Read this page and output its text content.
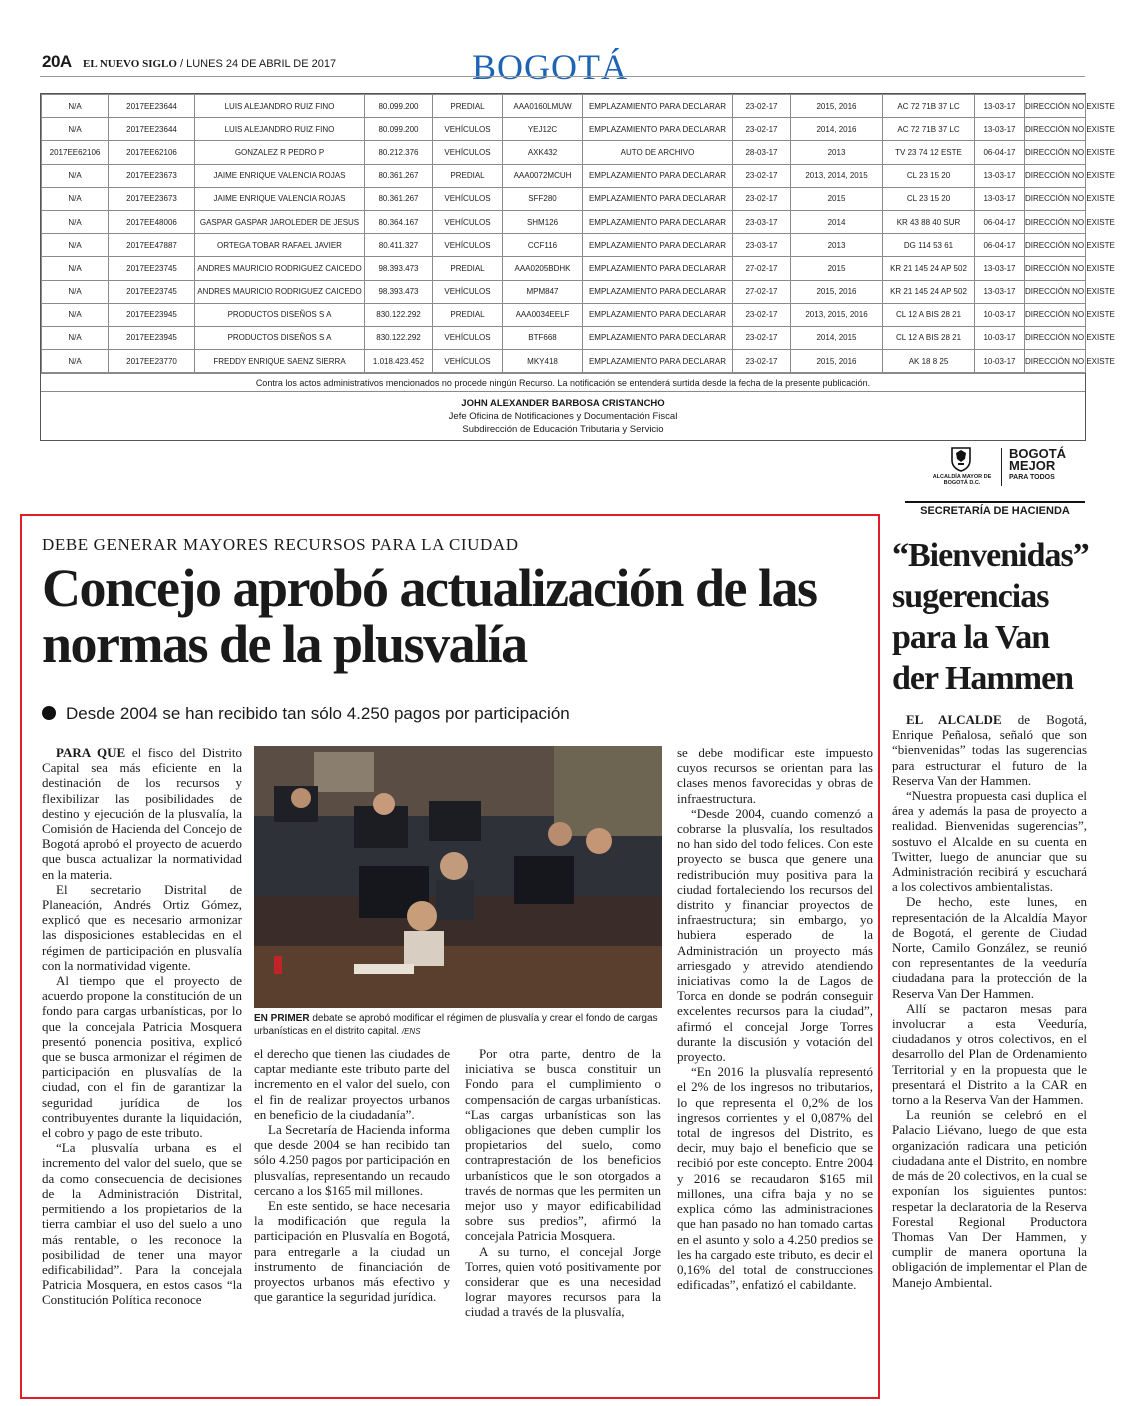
20A EL NUEVO SIGLO / LUNES 24 DE ABRIL DE 2017	BOGOTÁ
N/A	2017EE23644	LUIS ALEJANDRO RUIZ FINO	80.099.200	PREDIAL	AAA0160LMUW	EMPLAZAMIENTO PARA DECLARAR	23-02-17	2015, 2016	AC 72 71B 37 LC	13-03-17	DIRECCIÓN NO EXISTE
N/A	2017EE23644	LUIS ALEJANDRO RUIZ FINO	80.099.200	VEHÍCULOS	YEJ12C	EMPLAZAMIENTO PARA DECLARAR	23-02-17	2014, 2016	AC 72 71B 37 LC	13-03-17	DIRECCIÓN NO EXISTE
2017EE62106	2017EE62106	GONZALEZ R PEDRO P	80.212.376	VEHÍCULOS	AXK432	AUTO DE ARCHIVO	28-03-17	2013	TV 23 74 12 ESTE	06-04-17	DIRECCIÓN NO EXISTE
N/A	2017EE23673	JAIME ENRIQUE VALENCIA ROJAS	80.361.267	PREDIAL	AAA0072MCUH	EMPLAZAMIENTO PARA DECLARAR	23-02-17	2013, 2014, 2015	CL 23 15 20	13-03-17	DIRECCIÓN NO EXISTE
N/A	2017EE23673	JAIME ENRIQUE VALENCIA ROJAS	80.361.267	VEHÍCULOS	SFF280	EMPLAZAMIENTO PARA DECLARAR	23-02-17	2015	CL 23 15 20	13-03-17	DIRECCIÓN NO EXISTE
N/A	2017EE48006	GASPAR GASPAR JAROLEDER DE JESUS	80.364.167	VEHÍCULOS	SHM126	EMPLAZAMIENTO PARA DECLARAR	23-03-17	2014	KR 43 88 40 SUR	06-04-17	DIRECCIÓN NO EXISTE
N/A	2017EE47887	ORTEGA TOBAR RAFAEL JAVIER	80.411.327	VEHÍCULOS	CCF116	EMPLAZAMIENTO PARA DECLARAR	23-03-17	2013	DG 114 53 61	06-04-17	DIRECCIÓN NO EXISTE
N/A	2017EE23745	ANDRES MAURICIO RODRIGUEZ CAICEDO	98.393.473	PREDIAL	AAA0205BDHK	EMPLAZAMIENTO PARA DECLARAR	27-02-17	2015	KR 21 145 24 AP 502	13-03-17	DIRECCIÓN NO EXISTE
N/A	2017EE23745	ANDRES MAURICIO RODRIGUEZ CAICEDO	98.393.473	VEHÍCULOS	MPM847	EMPLAZAMIENTO PARA DECLARAR	27-02-17	2015, 2016	KR 21 145 24 AP 502	13-03-17	DIRECCIÓN NO EXISTE
N/A	2017EE23945	PRODUCTOS DISEÑOS S A	830.122.292	PREDIAL	AAA0034EELF	EMPLAZAMIENTO PARA DECLARAR	23-02-17	2013, 2015, 2016	CL 12 A BIS 28 21	10-03-17	DIRECCIÓN NO EXISTE
N/A	2017EE23945	PRODUCTOS DISEÑOS S A	830.122.292	VEHÍCULOS	BTF668	EMPLAZAMIENTO PARA DECLARAR	23-02-17	2014, 2015	CL 12 A BIS 28 21	10-03-17	DIRECCIÓN NO EXISTE
N/A	2017EE23770	FREDDY ENRIQUE SAENZ SIERRA	1.018.423.452	VEHÍCULOS	MKY418	EMPLAZAMIENTO PARA DECLARAR	23-02-17	2015, 2016	AK 18 8 25	10-03-17	DIRECCIÓN NO EXISTE
Contra los actos administrativos mencionados no procede ningún Recurso. La notificación se entenderá surtida desde la fecha de la presente publicación.
JOHN ALEXANDER BARBOSA CRISTANCHO
Jefe Oficina de Notificaciones y Documentación Fiscal
Subdirección de Educación Tributaria y Servicio
ALCALDÍA MAYOR DE BOGOTÁ D.C.
BOGOTÁ
MEJOR
PARA TODOS
SECRETARÍA DE HACIENDA
DEBE GENERAR MAYORES RECURSOS PARA LA CIUDAD
Concejo aprobó actualización de las normas de la plusvalía
Desde 2004 se han recibido tan sólo 4.250 pagos por participación

PARA QUE el fisco del Distrito Capital sea más eficiente en la destinación de los recursos y flexibilizar las posibilidades de destino y ejecución de la plusvalía, la Comisión de Hacienda del Concejo de Bogotá aprobó el proyecto de acuerdo que busca actualizar la normatividad en la materia.

El secretario Distrital de Planeación, Andrés Ortiz Gómez, explicó que es necesario armonizar las disposiciones establecidas en el régimen de participación en plusvalía con la normatividad vigente.

Al tiempo que el proyecto de acuerdo propone la constitución de un fondo para cargas urbanísticas, por lo que la concejala Patricia Mosquera presentó ponencia positiva, explicó que se busca armonizar el régimen de participación en plusvalías de la ciudad, con el fin de garantizar la seguridad jurídica de los contribuyentes durante la liquidación, el cobro y pago de este tributo.

“La plusvalía urbana es el incremento del valor del suelo, que se da como consecuencia de decisiones de la Administración Distrital, permitiendo a los propietarios de la tierra cambiar el uso del suelo a uno más rentable, o les reconoce la posibilidad de tener una mayor edificabilidad”. Para la concejala Patricia Mosquera, en estos casos “la Constitución Política reconoce

EN PRIMER debate se aprobó modificar el régimen de plusvalía y crear el fondo de cargas urbanísticas en el distrito capital. /ENS

el derecho que tienen las ciudades de captar mediante este tributo parte del incremento en el valor del suelo, con el fin de realizar proyectos urbanos en beneficio de la ciudadanía”.

La Secretaría de Hacienda informa que desde 2004 se han recibido tan sólo 4.250 pagos por participación en plusvalías, representando un recaudo cercano a los $165 mil millones.

En este sentido, se hace necesaria la modificación que regula la participación en Plusvalía en Bogotá, para entregarle a la ciudad un instrumento de financiación de proyectos urbanos más efectivo y que garantice la seguridad jurídica.

Por otra parte, dentro de la iniciativa se busca constituir un Fondo para el cumplimiento o compensación de cargas urbanísticas. “Las cargas urbanísticas son las obligaciones que deben cumplir los propietarios del suelo, como contraprestación de los beneficios urbanísticos que le son otorgados a través de normas que les permiten un mejor uso y mayor edificabilidad sobre sus predios”, afirmó la concejala Patricia Mosquera.

A su turno, el concejal Jorge Torres, quien votó positivamente por considerar que es una necesidad lograr mayores recursos para la ciudad a través de la plusvalía,

se debe modificar este impuesto cuyos recursos se orientan para las clases menos favorecidas y obras de infraestructura.

“Desde 2004, cuando comenzó a cobrarse la plusvalía, los resultados no han sido del todo felices. Con este proyecto se busca que genere una redistribución muy positiva para la ciudad fortaleciendo los recursos del distrito y financiar proyectos de infraestructura; sin embargo, yo hubiera esperado de la Administración un proyecto más arriesgado y atrevido atendiendo iniciativas como la de Lagos de Torca en donde se podrán conseguir excelentes recursos para la ciudad”, afirmó el concejal Jorge Torres durante la discusión y votación del proyecto.

“En 2016 la plusvalía representó el 2% de los ingresos no tributarios, lo que representa el 0,2% de los ingresos corrientes y el 0,087% del total de ingresos del Distrito, es decir, muy bajo el beneficio que se recibió por este concepto. Entre 2004 y 2016 se recaudaron $165 mil millones, una cifra baja y no se explica cómo las administraciones que han pasado no han tomado cartas en el asunto y solo a 4.250 predios se les ha cargado este tributo, es decir el 0,16% del total de construcciones edificadas”, enfatizó el cabildante.

“Bienvenidas” sugerencias para la Van der Hammen

EL ALCALDE de Bogotá, Enrique Peñalosa, señaló que son “bienvenidas” todas las sugerencias para estructurar el futuro de la Reserva Van der Hammen.

“Nuestra propuesta casi duplica el área y además la pasa de proyecto a realidad. Bienvenidas sugerencias”, sostuvo el Alcalde en su cuenta en Twitter, luego de anunciar que su Administración recibirá y escuchará a los colectivos ambientalistas.

De hecho, este lunes, en representación de la Alcaldía Mayor de Bogotá, el gerente de Ciudad Norte, Camilo González, se reunió con representantes de la veeduría ciudadana para la protección de la Reserva Van Der Hammen.

Allí se pactaron mesas para involucrar a esta Veeduría, ciudadanos y otros colectivos, en el desarrollo del Plan de Ordenamiento Territorial y en la propuesta que le presentará el Distrito a la CAR en torno a la Reserva Van der Hammen.

La reunión se celebró en el Palacio Liévano, luego de que esta organización radicara una petición ciudadana ante el Distrito, en nombre de más de 20 colectivos, en la cual se exponían los siguientes puntos: respetar la declaratoria de la Reserva Forestal Regional Productora Thomas Van Der Hammen, y cumplir de manera oportuna la obligación de implementar el Plan de Manejo Ambiental.
